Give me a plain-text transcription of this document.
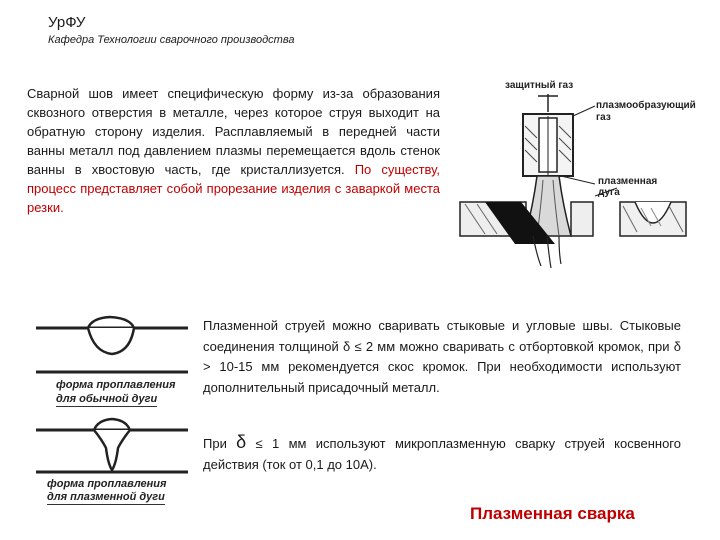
УрФУ
Кафедра Технологии сварочного производства
Сварной шов имеет специфическую форму из-за образования сквозного отверстия в металле, через которое струя выходит на обратную сторону изделия. Расплавляемый в передней части ванны металл под давлением плазмы перемещается вдоль стенок ванны в хвостовую часть, где кристаллизуется. По существу, процесс представляет собой прорезание изделия с заваркой места резки.
защитный газ
плазмообразующий
газ
плазменная
дуга
форма проплавления
для обычной дуги
форма проплавления
для плазменной дуги
Плазменной струей можно сваривать стыковые и угловые швы. Стыковые соединения толщиной δ ≤ 2 мм можно сваривать с отбортовкой кромок, при δ > 10-15 мм рекомендуется скос кромок. При необходимости используют дополнительный присадочный металл.
При δ ≤ 1 мм используют микроплазменную сварку струей косвенного действия (ток от 0,1 до 10А).
Плазменная сварка
